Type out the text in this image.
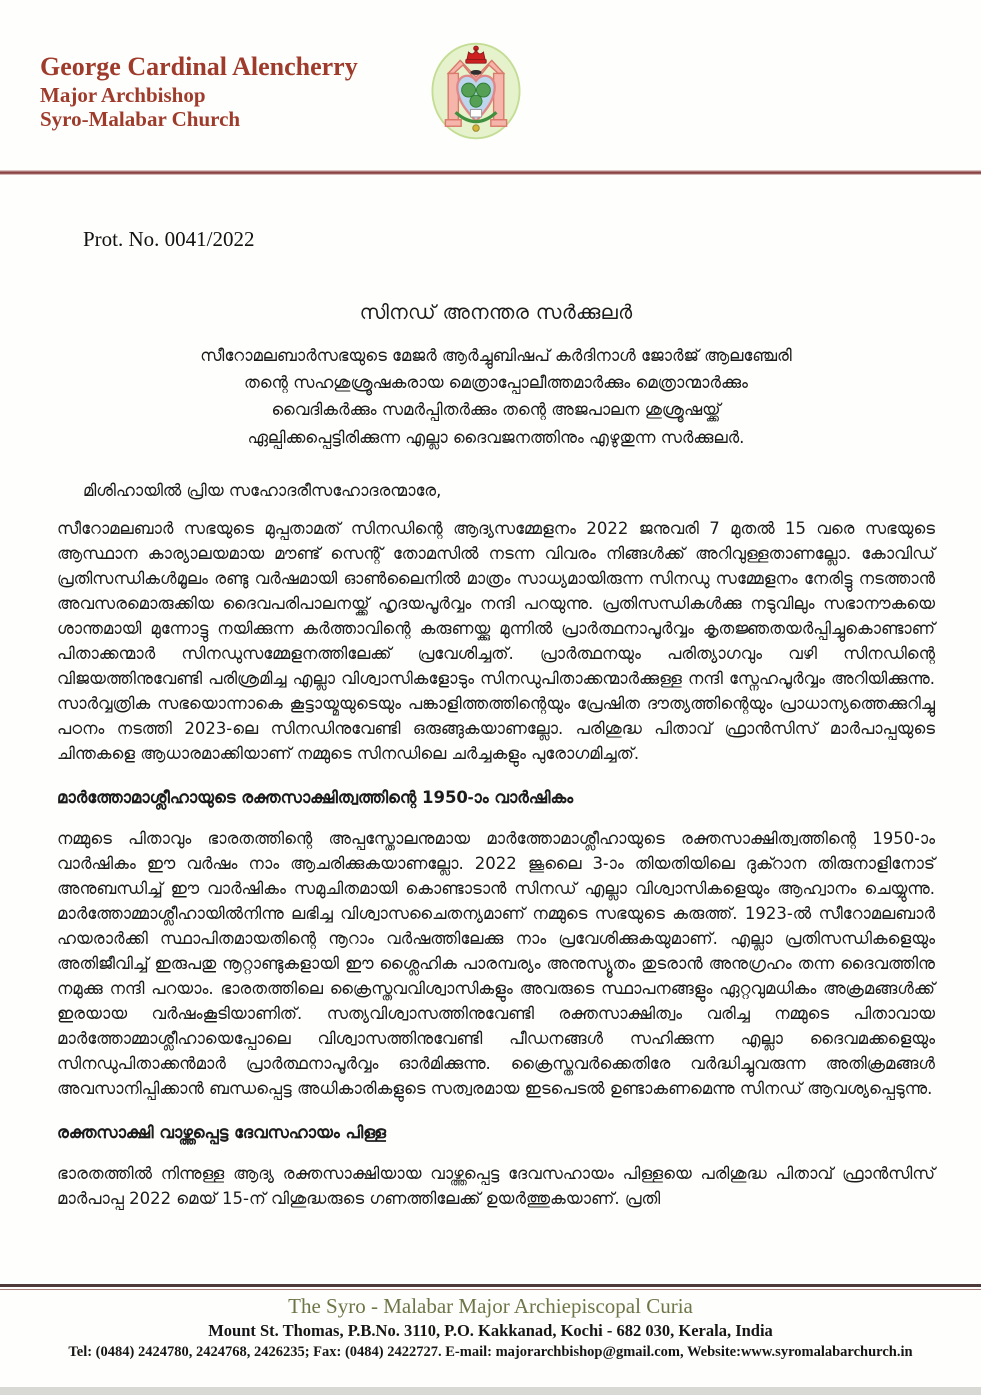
George Cardinal Alencherry
Major Archbishop
Syro-Malabar Church
Prot. No. 0041/2022
സിനഡ് അനന്തര സർക്കുലർ
സീറോമലബാർസഭയുടെ മേജർ ആർച്ചുബിഷപ് കർദിനാൾ ജോർജ് ആലഞ്ചേരി
തന്റെ സഹശുശ്രൂഷകരായ മെത്രാപ്പോലീത്തമാർക്കും മെത്രാന്മാർക്കും
വൈദികർക്കും സമർപ്പിതർക്കും തന്റെ അജപാലന ശുശ്രൂഷയ്ക്ക്
ഏല്പിക്കപ്പെട്ടിരിക്കുന്ന എല്ലാ ദൈവജനത്തിനും എഴുതുന്ന സർക്കുലർ.

മിശിഹായിൽ പ്രിയ സഹോദരീസഹോദരന്മാരേ,

സീറോമലബാർ സഭയുടെ മുപ്പതാമത് സിനഡിന്റെ ആദ്യസമ്മേളനം 2022 ജനുവരി 7 മുതൽ 15 വരെ സഭയുടെ ആസ്ഥാന കാര്യാലയമായ മൗണ്ട് സെന്റ് തോമസിൽ നടന്ന വിവരം നിങ്ങൾക്ക് അറിവുള്ളതാണല്ലോ. കോവിഡ് പ്രതിസന്ധികൾമൂലം രണ്ടു വർഷമായി ഓൺലൈനിൽ മാത്രം സാധ്യമായിരുന്ന സിനഡു സമ്മേളനം നേരിട്ടു നടത്താൻ അവസരമൊരുക്കിയ ദൈവപരിപാലനയ്ക്ക് ഹൃദയപൂർവ്വം നന്ദി പറയുന്നു. പ്രതിസന്ധികൾക്കു നടുവിലും സഭാനൗകയെ ശാന്തമായി മുന്നോട്ടു നയിക്കുന്ന കർത്താവിന്റെ കരുണയ്ക്കു മുന്നിൽ പ്രാർത്ഥനാപൂർവ്വം കൃതജ്ഞതയർപ്പിച്ചുകൊണ്ടാണ് പിതാക്കന്മാർ സിനഡുസമ്മേളനത്തിലേക്ക് പ്രവേശിച്ചത്. പ്രാർത്ഥനയും പരിത്യാഗവും വഴി സിനഡിന്റെ വിജയത്തിനുവേണ്ടി പരിശ്രമിച്ച എല്ലാ വിശ്വാസികളോടും സിനഡുപിതാക്കന്മാർക്കുള്ള നന്ദി സ്നേഹപൂർവ്വം അറിയിക്കുന്നു. സാർവ്വത്രിക സഭയൊന്നാകെ കൂട്ടായ്മയുടെയും പങ്കാളിത്തത്തിന്റെയും പ്രേഷിത ദൗത്യത്തിന്റെയും പ്രാധാന്യത്തെക്കുറിച്ചു പഠനം നടത്തി 2023-ലെ സിനഡിനുവേണ്ടി ഒരുങ്ങുകയാണല്ലോ. പരിശുദ്ധ പിതാവ് ഫ്രാൻസിസ് മാർപാപ്പയുടെ ചിന്തകളെ ആധാരമാക്കിയാണ് നമ്മുടെ സിനഡിലെ ചർച്ചകളും പുരോഗമിച്ചത്.

മാർത്തോമാശ്ലീഹായുടെ രക്തസാക്ഷിത്വത്തിന്റെ 1950-ാം വാർഷികം

നമ്മുടെ പിതാവും ഭാരതത്തിന്റെ അപ്പസ്തോലനുമായ മാർത്തോമാശ്ലീഹായുടെ രക്തസാക്ഷിത്വത്തിന്റെ 1950-ാം വാർഷികം ഈ വർഷം നാം ആചരിക്കുകയാണല്ലോ. 2022 ജൂലൈ 3-ാം തിയതിയിലെ ദുക്റാന തിരുനാളിനോട് അനുബന്ധിച്ച് ഈ വാർഷികം സമുചിതമായി കൊണ്ടാടാൻ സിനഡ് എല്ലാ വിശ്വാസികളെയും ആഹ്വാനം ചെയ്യുന്നു. മാർത്തോമ്മാശ്ലീഹായിൽനിന്നു ലഭിച്ച വിശ്വാസചൈതന്യമാണ് നമ്മുടെ സഭയുടെ കരുത്ത്. 1923-ൽ സീറോമലബാർ ഹയരാർക്കി സ്ഥാപിതമായതിന്റെ നൂറാം വർഷത്തിലേക്കു നാം പ്രവേശിക്കുകയുമാണ്. എല്ലാ പ്രതിസന്ധികളെയും അതിജീവിച്ച് ഇരുപതു നൂറ്റാണ്ടുകളായി ഈ ശ്ലൈഹിക പാരമ്പര്യം അനുസ്യൂതം തുടരാൻ അനുഗ്രഹം തന്ന ദൈവത്തിനു നമുക്കു നന്ദി പറയാം. ഭാരതത്തിലെ ക്രൈസ്തവവിശ്വാസികളും അവരുടെ സ്ഥാപനങ്ങളും ഏറ്റവുമധികം അക്രമങ്ങൾക്ക് ഇരയായ വർഷംകൂടിയാണിത്. സത്യവിശ്വാസത്തിനുവേണ്ടി രക്തസാക്ഷിത്വം വരിച്ച നമ്മുടെ പിതാവായ മാർത്തോമ്മാശ്ലീഹായെപ്പോലെ വിശ്വാസത്തിനുവേണ്ടി പീഡനങ്ങൾ സഹിക്കുന്ന എല്ലാ ദൈവമക്കളെയും സിനഡുപിതാക്കൻമാർ പ്രാർത്ഥനാപൂർവ്വം ഓർമിക്കുന്നു. ക്രൈസ്തവർക്കെതിരേ വർദ്ധിച്ചുവരുന്ന അതിക്രമങ്ങൾ അവസാനിപ്പിക്കാൻ ബന്ധപ്പെട്ട അധികാരികളുടെ സത്വരമായ ഇടപെടൽ ഉണ്ടാകണമെന്നു സിനഡ് ആവശ്യപ്പെടുന്നു.

രക്തസാക്ഷി വാഴ്ത്തപ്പെട്ട ദേവസഹായം പിള്ള

ഭാരതത്തിൽ നിന്നുള്ള ആദ്യ രക്തസാക്ഷിയായ വാഴ്ത്തപ്പെട്ട ദേവസഹായം പിള്ളയെ പരിശുദ്ധ പിതാവ് ഫ്രാൻസിസ് മാർപാപ്പ 2022 മെയ് 15-ന് വിശുദ്ധരുടെ ഗണത്തിലേക്ക് ഉയർത്തുകയാണ്. പ്രതി

The Syro - Malabar Major Archiepiscopal Curia
Mount St. Thomas, P.B.No. 3110, P.O. Kakkanad, Kochi - 682 030, Kerala, India
Tel: (0484) 2424780, 2424768, 2426235; Fax: (0484) 2422727. E-mail: majorarchbishop@gmail.com, Website:www.syromalabarchurch.in
